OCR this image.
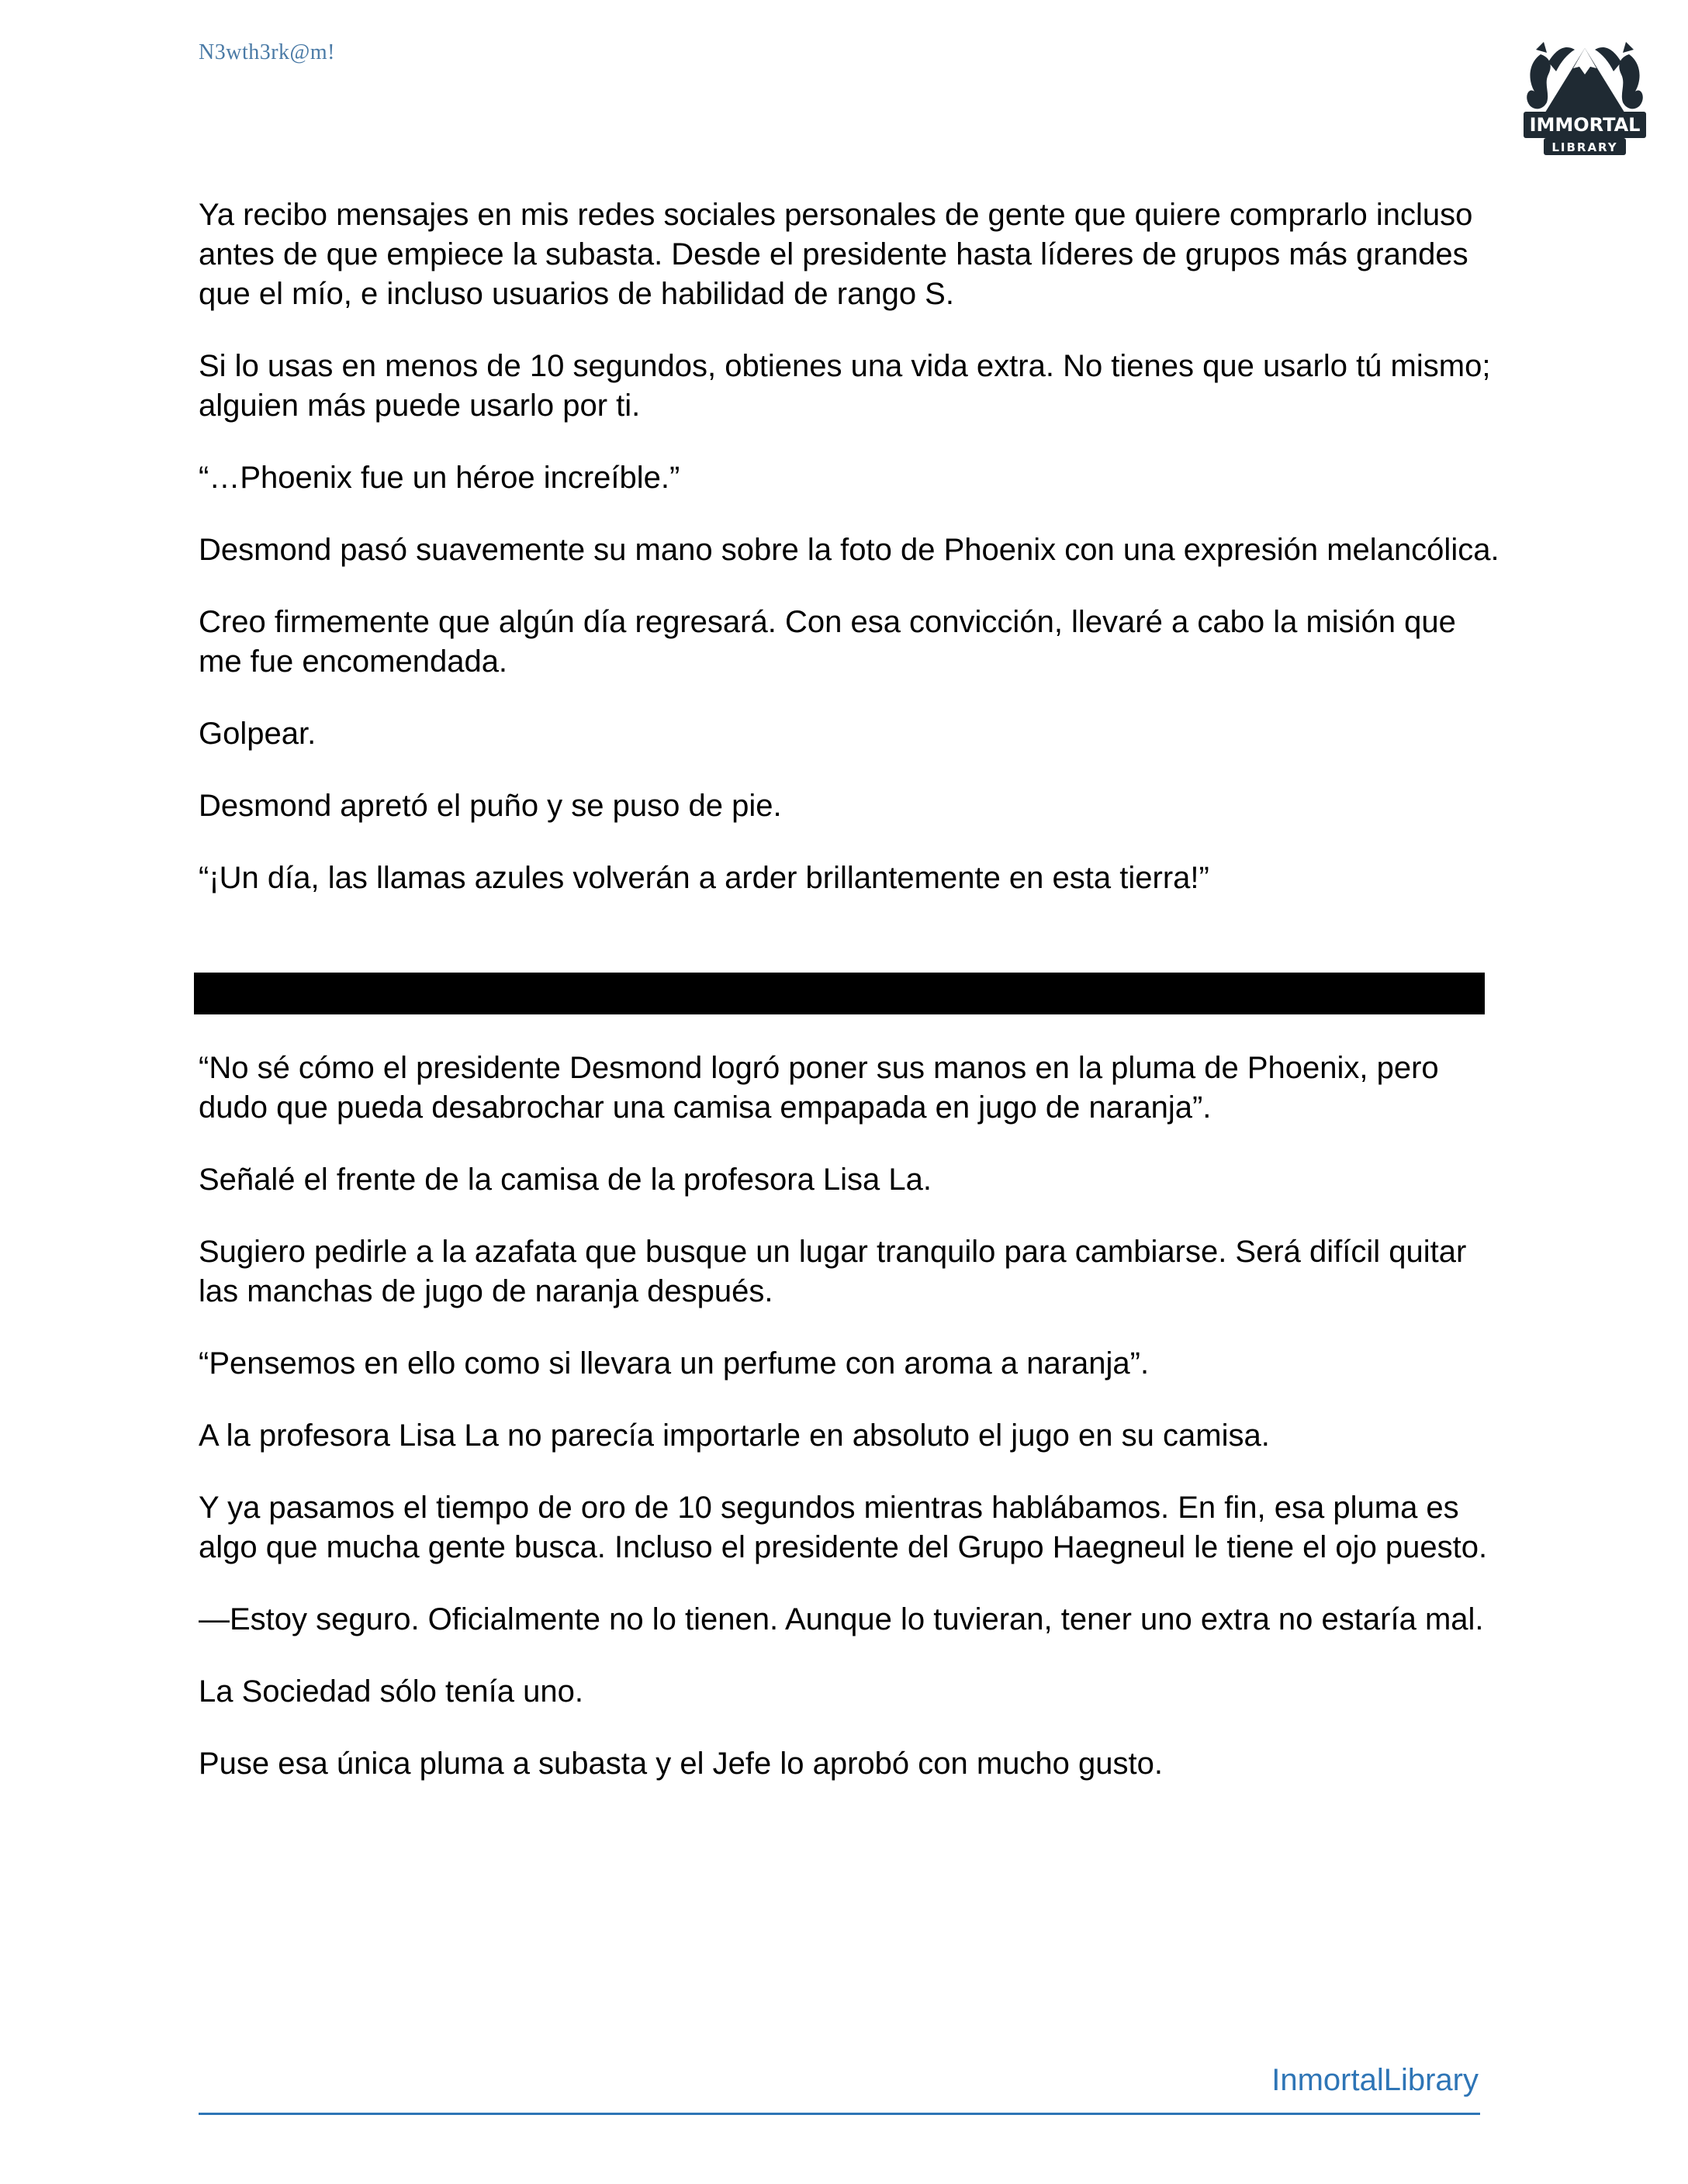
N3wth3rk@m!
IMMORTAL
LIBRARY

Ya recibo mensajes en mis redes sociales personales de gente que quiere comprarlo incluso antes de que empiece la subasta. Desde el presidente hasta líderes de grupos más grandes que el mío, e incluso usuarios de habilidad de rango S.

Si lo usas en menos de 10 segundos, obtienes una vida extra. No tienes que usarlo tú mismo; alguien más puede usarlo por ti.

“…Phoenix fue un héroe increíble.”

Desmond pasó suavemente su mano sobre la foto de Phoenix con una expresión melancólica.

Creo firmemente que algún día regresará. Con esa convicción, llevaré a cabo la misión que me fue encomendada.

Golpear.

Desmond apretó el puño y se puso de pie.

“¡Un día, las llamas azules volverán a arder brillantemente en esta tierra!”

“No sé cómo el presidente Desmond logró poner sus manos en la pluma de Phoenix, pero dudo que pueda desabrochar una camisa empapada en jugo de naranja”.

Señalé el frente de la camisa de la profesora Lisa La.

Sugiero pedirle a la azafata que busque un lugar tranquilo para cambiarse. Será difícil quitar las manchas de jugo de naranja después.

“Pensemos en ello como si llevara un perfume con aroma a naranja”.

A la profesora Lisa La no parecía importarle en absoluto el jugo en su camisa.

Y ya pasamos el tiempo de oro de 10 segundos mientras hablábamos. En fin, esa pluma es algo que mucha gente busca. Incluso el presidente del Grupo Haegneul le tiene el ojo puesto.

—Estoy seguro. Oficialmente no lo tienen. Aunque lo tuvieran, tener uno extra no estaría mal.

La Sociedad sólo tenía uno.

Puse esa única pluma a subasta y el Jefe lo aprobó con mucho gusto.

InmortalLibrary
